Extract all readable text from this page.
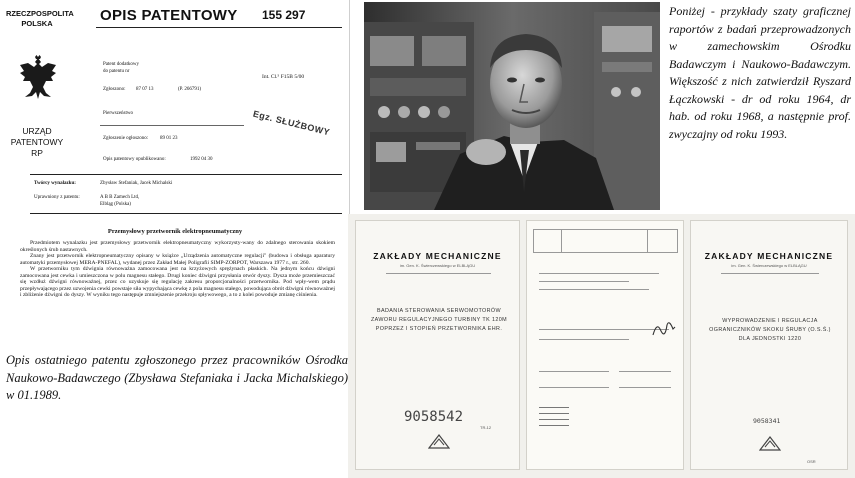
RZECZPOSPOLITA POLSKA	OPIS PATENTOWY 155 297
URZĄD PATENTOWY RP
Patent dodatkowy
do patentu nr
Zgłoszono: 87 07 13	(P. 266791)
Int. Cl.⁵ F15B 5/00
Pierwszeństwo
Zgłoszenie ogłoszono: 89 01 23
Opis patentowy opublikowano:	1992 04 30
Egz. SŁUŻBOWY
Twórcy wynalazku:	Zbysław Stefaniak, Jacek Michalski
Uprawniony z patentu:	A B B Zamech Ltd,
Elbląg (Polska)
Przemysłowy przetwornik elektropneumatyczny

Przedmiotem wynalazku jest przemysłowy przetwornik elektropneumatyczny wykorzysty-wany do zdalnego sterowania skokiem określonych śrub nastawnych.

Znany jest przetwornik elektropneumatyczny opisany w książce „Urządzenia automatyczne regulacji" (budowa i obsługa aparatury automatyki przemysłowej MERA-PNEFAL), wydanej przez Zakład Małej Poligrafii SIMP-ZORPOT, Warszawa 1977 r., str. 260.

W przetworniku tym dźwignia równoważna zamocowana jest na krzyżowych sprężynach płaskich. Na jednym końcu dźwigni zamocowana jest cewka i umieszczona w polu magnesu stałego. Drugi koniec dźwigni przysłania otwór dyszy. Dysza może przemieszczać się wzdłuż dźwigni równoważnej, przez co uzyskuje się regulację zakresu proporcjonalności przetwornika. Pod wpły-wem prądu przepływającego przez uzwojenia cewki powstaje siła wypychająca cewkę z pola magnesu stałego, powodująca obrót dźwigni równoważnej i zbliżenie dźwigni do dyszy. W wyniku tego następuje zmniejszenie przekroju spływowego, a to z kolei powoduje zmianę ciśnienia.

Opis ostatniego patentu zgłoszonego przez pracowników Ośrodka Naukowo-Badawczego (Zbysława Stefaniaka i Jacka Michalskiego) w 01.1989.
Poniżej - przykłady szaty graficznej raportów z badań przeprowadzonych w zamechowskim Ośrodku Badawczym i Naukowo-Badawczym. Większość z nich zatwierdził Ryszard Łączkowski - dr od roku 1964, dr hab. od roku 1968, a następnie prof. zwyczajny od roku 1993.
ZAKŁADY MECHANICZNE
im. Gen. K. Świerczewskiego w ELBLĄGU
BADANIA STEROWANIA SERWOMOTORÓW
ZAWORU REGULACYJNEGO TURBINY TK 120M
POPRZEZ I STOPIEŃ PRZETWORNIKA EHR.
9058542
TR-12
ZAKŁADY MECHANICZNE
im. Gen. K. Świerczewskiego w ELBLĄGU
WYPROWADZENIE I REGULACJA
OGRANICZNIKÓW SKOKU ŚRUBY (O.S.Ś.)
DLA JEDNOSTKI 1220
9058341
OSR
